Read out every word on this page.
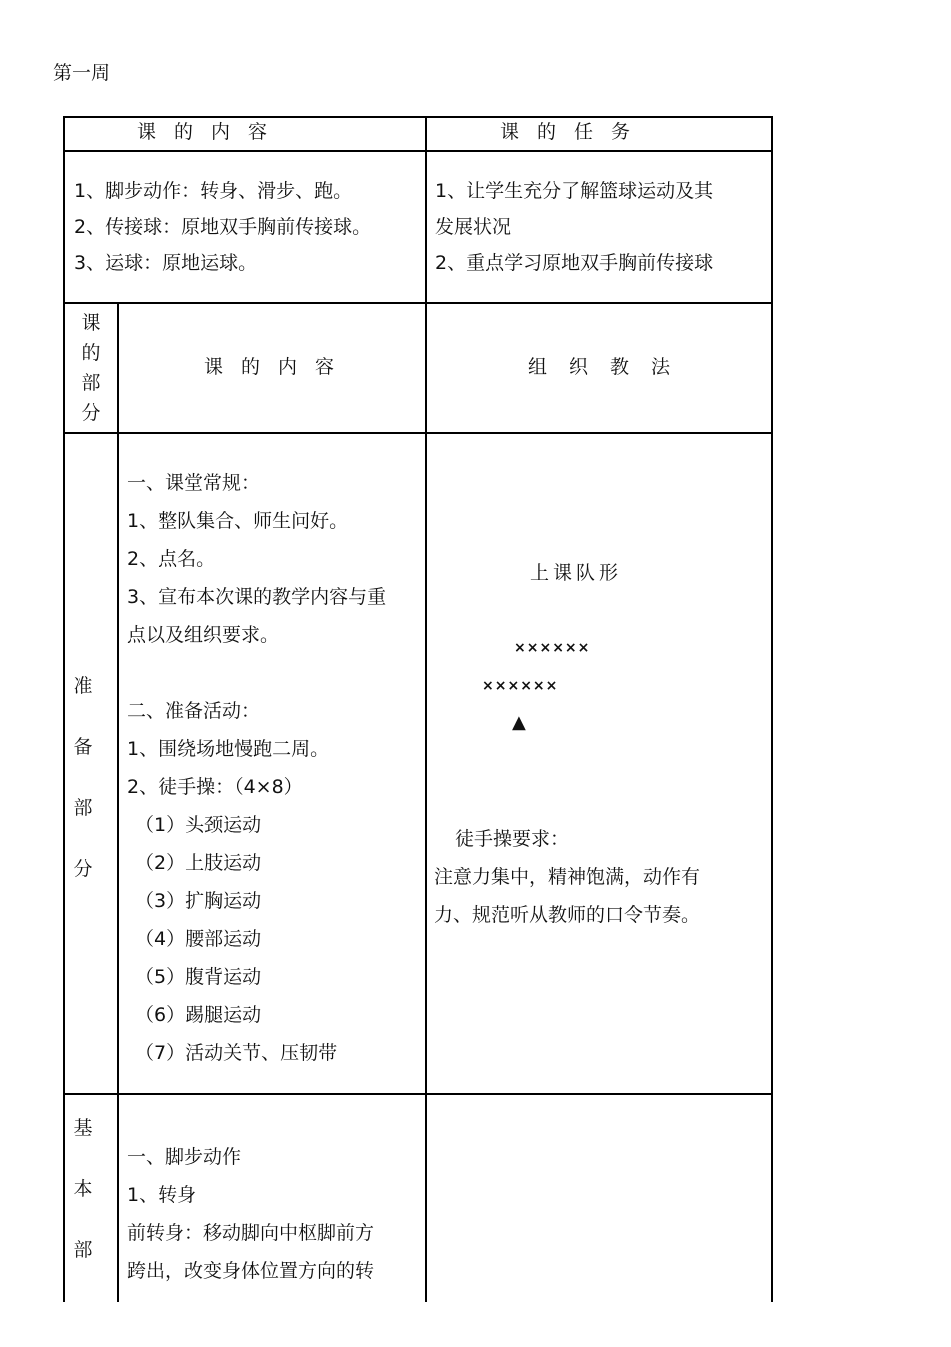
第一周
课的内容	课的任务
1、脚步动作：转身、滑步、跑。
2、传接球：原地双手胸前传接球。
3、运球：原地运球。
1、让学生充分了解篮球运动及其
发展状况
2、重点学习原地双手胸前传接球
课
的
部
分
课的内容	组织教法
准
备
部
分
一、课堂常规：
1、整队集合、师生问好。
2、点名。
3、宣布本次课的教学内容与重
点以及组织要求。
二、准备活动：
1、围绕场地慢跑二周。
2、徒手操：（4×8）
（1）头颈运动
（2）上肢运动
（3）扩胸运动
（4）腰部运动
（5）腹背运动
（6）踢腿运动
（7）活动关节、压韧带
上课队形
××××××
××××××
▲
徒手操要求：
注意力集中，精神饱满，动作有
力、规范听从教师的口令节奏。
基
本
部
一、脚步动作
1、转身
前转身：移动脚向中枢脚前方
跨出，改变身体位置方向的转
